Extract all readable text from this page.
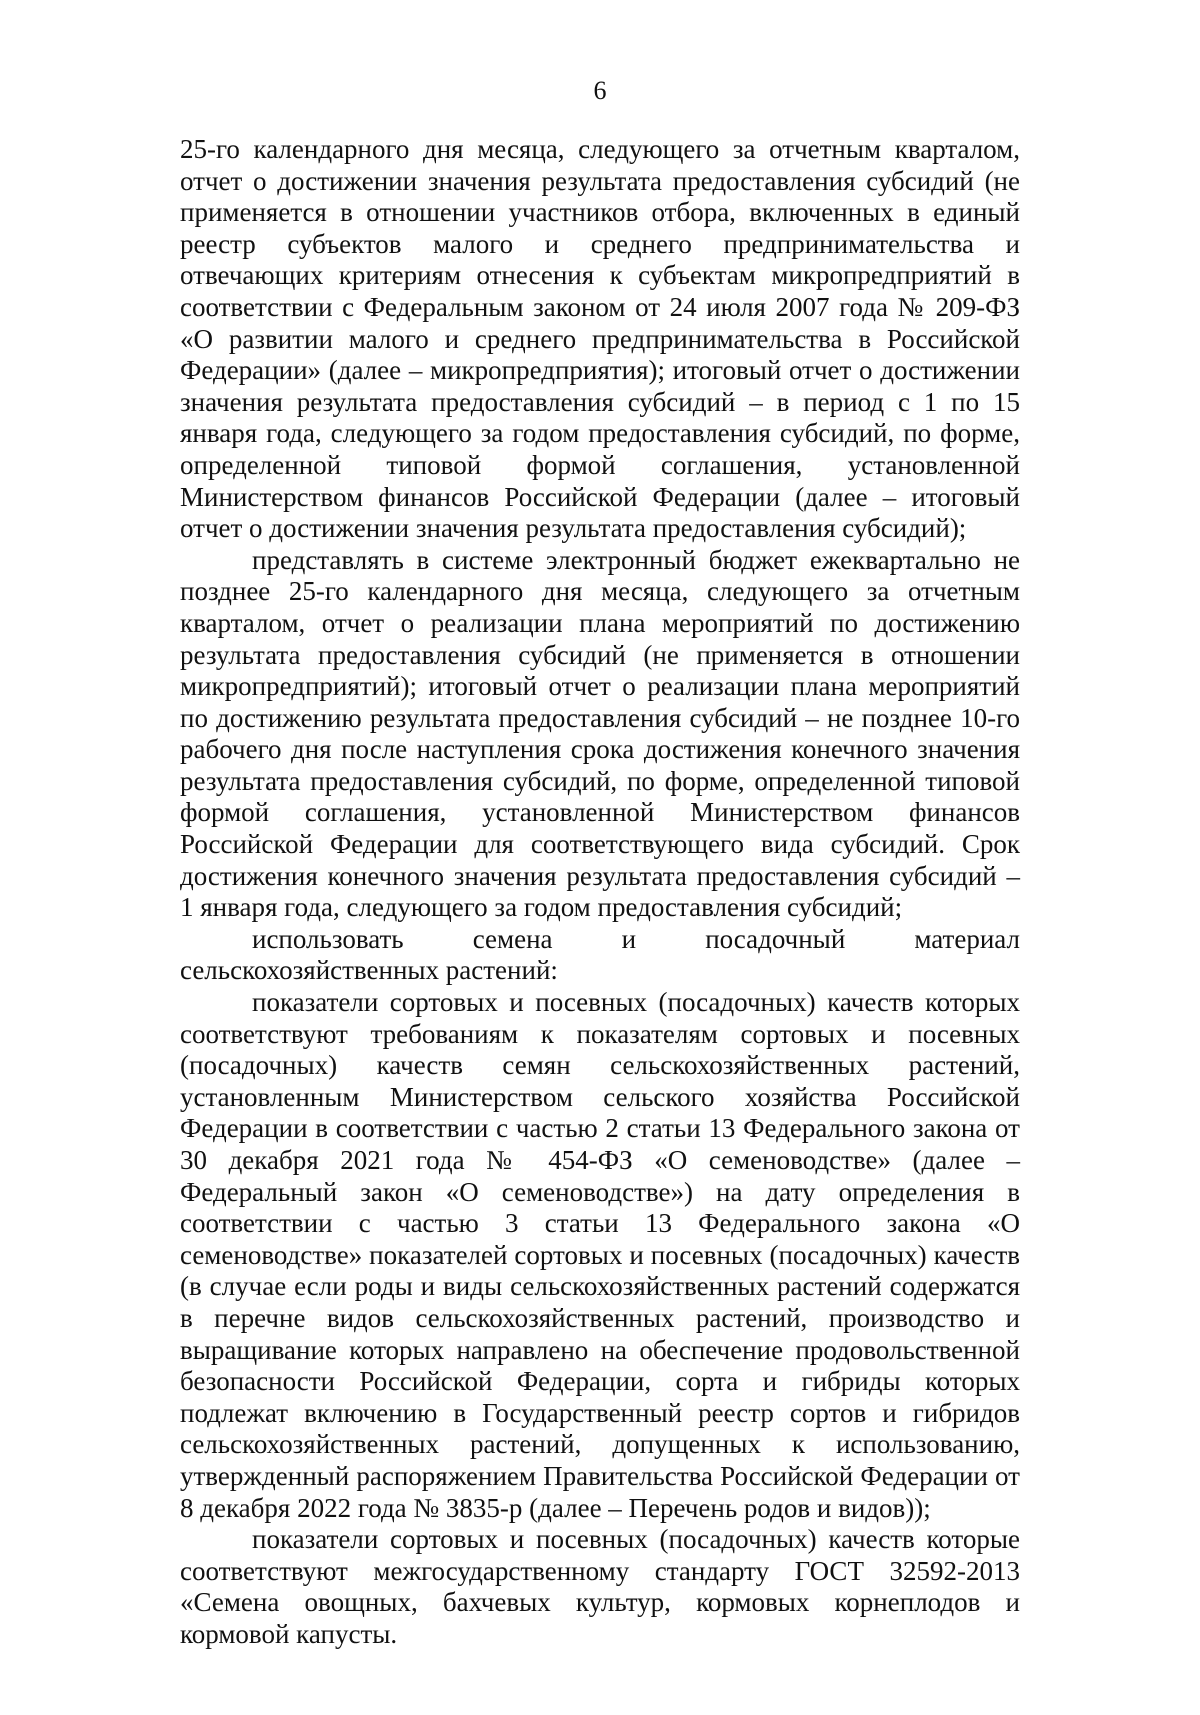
6

25-го календарного дня месяца, следующего за отчетным кварталом, отчет о достижении значения результата предоставления субсидий (не применяется в отношении участников отбора, включенных в единый реестр субъектов малого и среднего предпринимательства и отвечающих критериям отнесения к субъектам микропредприятий в соответствии с Федеральным законом от 24 июля 2007 года № 209-ФЗ «О развитии малого и среднего предпринимательства в Российской Федерации» (далее – микропредприятия); итоговый отчет о достижении значения результата предоставления субсидий – в период с 1 по 15 января года, следующего за годом предоставления субсидий, по форме, определенной типовой формой соглашения, установленной Министерством финансов Российской Федерации (далее – итоговый отчет о достижении значения результата предоставления субсидий);

представлять в системе электронный бюджет ежеквартально не позднее 25-го календарного дня месяца, следующего за отчетным кварталом, отчет о реализации плана мероприятий по достижению результата предоставления субсидий (не применяется в отношении микропредприятий); итоговый отчет о реализации плана мероприятий по достижению результата предоставления субсидий – не позднее 10-го рабочего дня после наступления срока достижения конечного значения результата предоставления субсидий, по форме, определенной типовой формой соглашения, установленной Министерством финансов Российской Федерации для соответствующего вида субсидий. Срок достижения конечного значения результата предоставления субсидий – 1 января года, следующего за годом предоставления субсидий;

использовать семена и посадочный материал сельскохозяйственных растений:

показатели сортовых и посевных (посадочных) качеств которых соответствуют требованиям к показателям сортовых и посевных (посадочных) качеств семян сельскохозяйственных растений, установленным Министерством сельского хозяйства Российской Федерации в соответствии с частью 2 статьи 13 Федерального закона от 30 декабря 2021 года № 454-ФЗ «О семеноводстве» (далее – Федеральный закон «О семеноводстве») на дату определения в соответствии с частью 3 статьи 13 Федерального закона «О семеноводстве» показателей сортовых и посевных (посадочных) качеств (в случае если роды и виды сельскохозяйственных растений содержатся в перечне видов сельскохозяйственных растений, производство и выращивание которых направлено на обеспечение продовольственной безопасности Российской Федерации, сорта и гибриды которых подлежат включению в Государственный реестр сортов и гибридов сельскохозяйственных растений, допущенных к использованию, утвержденный распоряжением Правительства Российской Федерации от 8 декабря 2022 года № 3835-р (далее – Перечень родов и видов));

показатели сортовых и посевных (посадочных) качеств которые соответствуют межгосударственному стандарту ГОСТ 32592-2013 «Семена овощных, бахчевых культур, кормовых корнеплодов и кормовой капусты.
